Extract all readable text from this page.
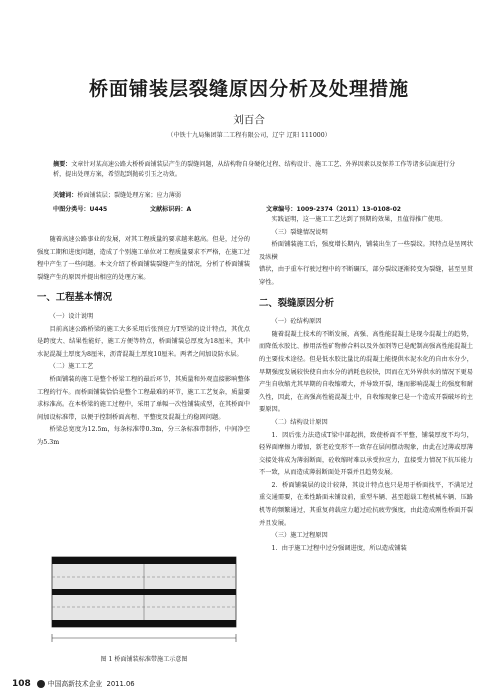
桥面铺装层裂缝原因分析及处理措施
刘百合
（中铁十九局集团第二工程有限公司，辽宁 辽阳 111000）
摘要：文章针对某高速公路大桥桥面铺装层产生的裂缝问题，从结构物自身硬化过程、结构设计、施工工艺、外界因素以及保养工作等诸多层面进行分析，提出处理方案，希望起到抛砖引玉之功效。
关键词：桥面铺装层；裂缝处理方案；应力薄弱
中图分类号：U445	文献标识码：A	文章编号：1009-2374（2011）13-0108-02

随着高速公路事业的发展，对其工程质量的要求越来越高。但是，过分的强度工期和进度问题，造成了个别施工单位对工程质量要求不严格，在施工过程中产生了一些问题。本文介绍了桥面铺装裂缝产生的情况，分析了桥面铺装裂缝产生的原因并提出相应的处理方案。

一、工程基本情况

（一）设计说明

目前高速公路桥梁的施工大多采用后张预应力T型梁的设计特点，其优点是跨度大、结果性能好，施工方便等特点，桥面铺装总厚度为18厘米，其中水泥混凝土厚度为8厘米，沥青混凝土厚度10厘米。两者之间加设防水层。

（二）施工工艺

桥面铺装的施工是整个桥梁工程的最后环节，其质量和外观直接影响整体工程的行车。而桥面铺装恰恰是整个工程最难的环节，施工工艺复杂，质量要求标准高。在本桥梁的施工过程中，采用了单幅一次性铺装成型，在其桥面中间加设标准带，以便于控制桥面高程、平整度及混凝土的稳固问题。

桥梁总宽度为12.5m，每条标准带0.3m，分三条标准带制作，中间净空为5.3m

图 1 桥面铺装标准带施工示意图

实践证明，这一施工工艺达到了预期的效果，且值得推广使用。

（三）裂缝情况说明

桥面铺装施工后，强度增长期内，铺装出生了一些裂纹。其特点是呈网状及纵横

错状，由于重车行驶过程中的不断碾压，部分裂纹逐渐转变为裂缝，甚至呈贯穿性。

二、裂缝原因分析

（一）砼结构原因

随着混凝土技术的不断发展，高强、高性能混凝土是现今混凝土的趋势，而降低水胶比、掺用活性矿物掺合料以及外加剂等已是配制高强高性能混凝土的主要技术途径。但是低水胶比量比的混凝土能提供水泥水化的自由水分少，早期强度发展较快使自由水分的消耗也较快，因而在无外界供水的情况下更易产生自收缩尤其早期的自收缩增大，并导致开裂，继而影响混凝土的强度和耐久性，因此，在高强高性能混凝土中，自收缩现象已是一个造成开裂破坏的主要原因。

（二）结构设计原因

1．因后张力法造成T梁中部起拱，致使桥面不平整，铺装厚度不均匀，轻界面摩擦力增加，新老砼变形不一致存在层间摆动现象，由此在过薄或厚薄交接处将成为薄弱断面，砼收缩时难以承受拉应力，直接受力情况下抗压能力不一致，从而造成薄弱断面处开裂并且趋势发展。

2．桥面铺装层的设计较薄，其设计特点也只是用于桥面找平，不满足过重交通需要，在柔性路面未铺设前，重型车辆、甚至超载工程机械车辆、压路机等的频繁通过，其重复荷载应力超过砼抗疲劳强度，由此造成刚性桥面开裂并且发展。

（三）施工过程原因

1．由于施工过程中过分强调进度，所以造成铺装

108	中国高新技术企业 2011.06
